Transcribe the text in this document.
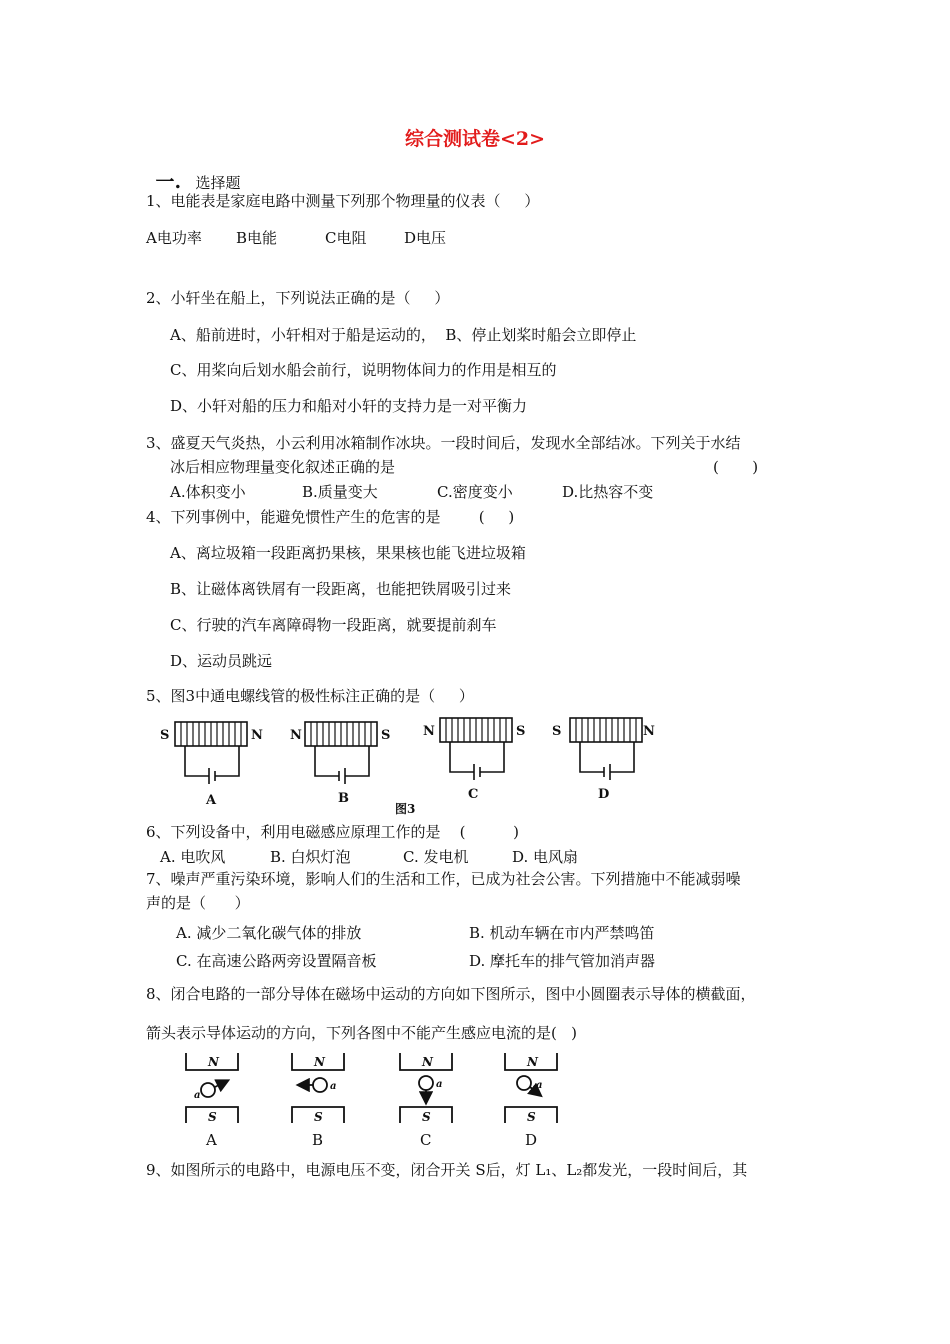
综合测试卷<2>

一. 选择题

1、电能表是家庭电路中测量下列那个物理量的仪表（     ）
A电功率 B电能	C电阻	D电压
2、小轩坐在船上，下列说法正确的是（     ）
A、船前进时，小轩相对于船是运动的，  B、停止划桨时船会立即停止
C、用桨向后划水船会前行，说明物体间力的作用是相互的
D、小轩对船的压力和船对小轩的支持力是一对平衡力
3、盛夏天气炎热，小云利用冰箱制作冰块。一段时间后，发现水全部结冰。下列关于水结
冰后相应物理量变化叙述正确的是	(       )
A.体积变小	B.质量变大	C.密度变小	D.比热容不变
4、下列事例中，能避免惯性产生的危害的是        (     )
A、离垃圾箱一段距离扔果核，果果核也能飞进垃圾箱
B、让磁体离铁屑有一段距离，也能把铁屑吸引过来
C、行驶的汽车离障碍物一段距离，就要提前刹车
D、运动员跳远
5、图3中通电螺线管的极性标注正确的是（     ）
S	N
A
N	S
B
N	S
C
S	N
D
图3
6、下列设备中，利用电磁感应原理工作的是    (          )
A. 电吹风	B. 白炽灯泡	C. 发电机	D. 电风扇
7、噪声严重污染环境，影响人们的生活和工作，已成为社会公害。下列措施中不能减弱噪
声的是（      ）
A. 减少二氧化碳气体的排放	B. 机动车辆在市内严禁鸣笛
C. 在高速公路两旁设置隔音板	D. 摩托车的排气管加消声器
8、闭合电路的一部分导体在磁场中运动的方向如下图所示，图中小圆圈表示导体的横截面，
箭头表示导体运动的方向，下列各图中不能产生感应电流的是(   )
N
S
a
N
S
a
N
S
a
N
S
a
A	B	C	D
9、如图所示的电路中，电源电压不变，闭合开关 S后，灯 L₁、L₂都发光，一段时间后，其
